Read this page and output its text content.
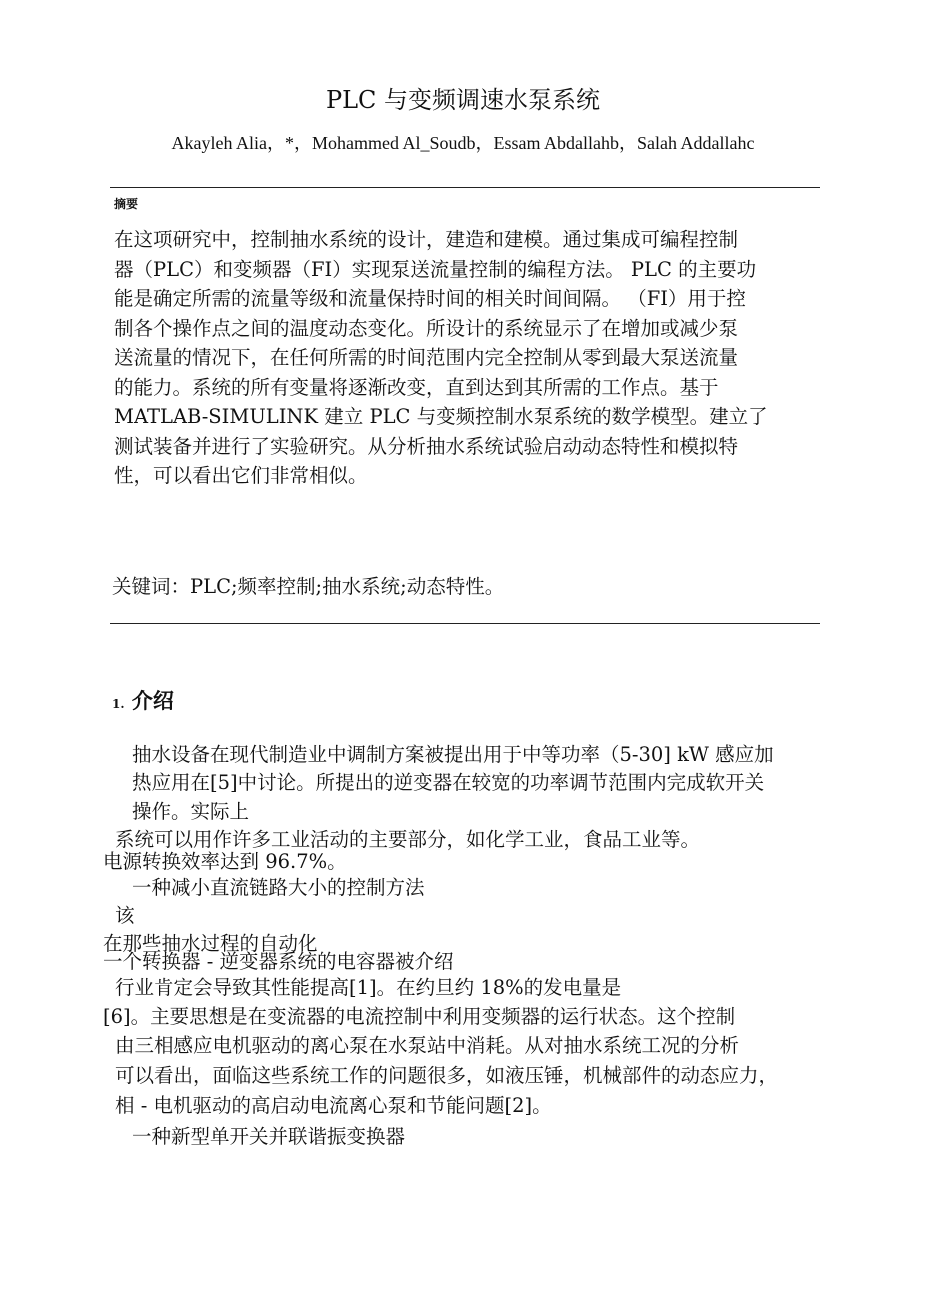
PLC 与变频调速水泵系统
Akayleh Alia，*，Mohammed Al_Soudb，Essam Abdallahb，Salah Addallahc
摘要
在这项研究中，控制抽水系统的设计，建造和建模。通过集成可编程控制
器（PLC）和变频器（FI）实现泵送流量控制的编程方法。 PLC 的主要功
能是确定所需的流量等级和流量保持时间的相关时间间隔。 （FI）用于控
制各个操作点之间的温度动态变化。所设计的系统显示了在增加或减少泵
送流量的情况下，在任何所需的时间范围内完全控制从零到最大泵送流量
的能力。系统的所有变量将逐渐改变，直到达到其所需的工作点。基于
MATLAB-SIMULINK 建立 PLC 与变频控制水泵系统的数学模型。建立了
测试装备并进行了实验研究。从分析抽水系统试验启动动态特性和模拟特
性，可以看出它们非常相似。
关键词：PLC;频率控制;抽水系统;动态特性。
1. 介绍
抽水设备在现代制造业中调制方案被提出用于中等功率（5-30] kW 感应加
热应用在[5]中讨论。所提出的逆变器在较宽的功率调节范围内完成软开关
操作。实际上
系统可以用作许多工业活动的主要部分，如化学工业，食品工业等。
电源转换效率达到 96.7%。
一种减小直流链路大小的控制方法
该
在那些抽水过程的自动化
一个转换器 - 逆变器系统的电容器被介绍
行业肯定会导致其性能提高[1]。在约旦约 18%的发电量是
[6]。主要思想是在变流器的电流控制中利用变频器的运行状态。这个控制
由三相感应电机驱动的离心泵在水泵站中消耗。从对抽水系统工况的分析
可以看出，面临这些系统工作的问题很多，如液压锤，机械部件的动态应力，
相 - 电机驱动的高启动电流离心泵和节能问题[2]。
一种新型单开关并联谐振变换器
